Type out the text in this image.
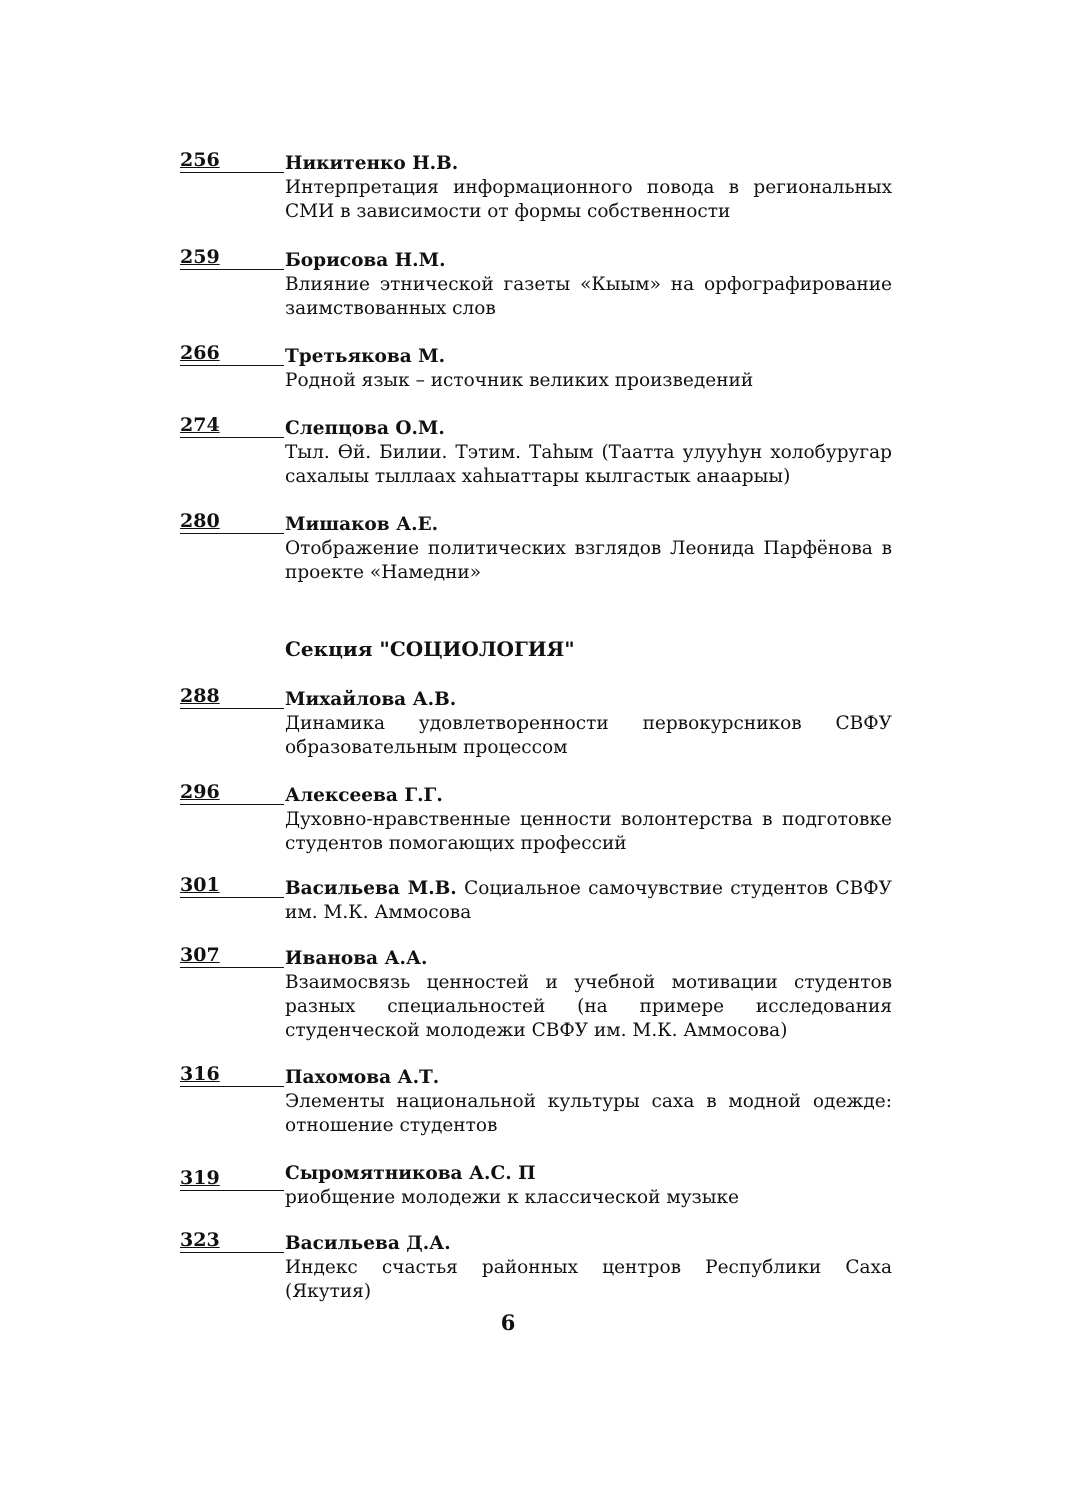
256	Никитенко Н.В.
Интерпретация информационного повода в региональных СМИ в зависимости от формы собственности
259	Борисова Н.М.
Влияние этнической газеты «Кыым» на орфографирование заимствованных слов
266	Третьякова М.
Родной язык – источник великих произведений
274	Слепцова О.М.
Тыл. Өй. Билии. Тэтим. Таһым (Таатта улууһун холобуругар сахалыы тыллаах хаһыаттары кылгастык анаарыы)
280	Мишаков А.Е.
Отображение политических взглядов Леонида Парфёнова в проекте «Намедни»
Секция "СОЦИОЛОГИЯ"
288	Михайлова А.В.
Динамика удовлетворенности первокурсников СВФУ образовательным процессом
296	Алексеева Г.Г.
Духовно-нравственные ценности волонтерства в подготовке студентов помогающих профессий
301	Васильева М.В. Социальное самочувствие студентов СВФУ им. М.К. Аммосова
307	Иванова А.А.
Взаимосвязь ценностей и учебной мотивации студентов разных специальностей (на примере исследования студенческой молодежи СВФУ им. М.К. Аммосова)
316	Пахомова А.Т.
Элементы национальной культуры саха в модной одежде: отношение студентов
319	Сыромятникова А.С. П
риобщение молодежи к классической музыке
323	Васильева Д.А.
Индекс счастья районных центров Республики Саха (Якутия)
6
